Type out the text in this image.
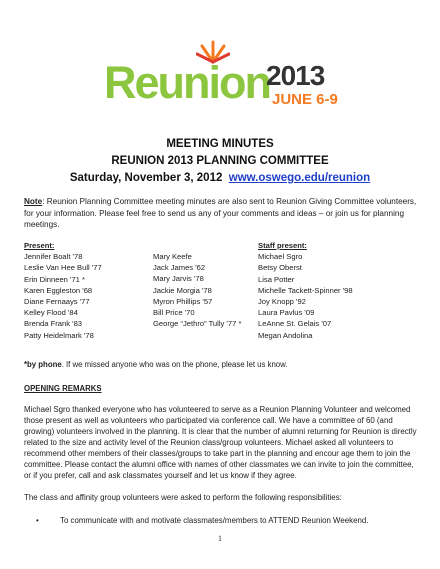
Reunion
2013
JUNE 6-9
MEETING MINUTES
REUNION 2013 PLANNING COMMITTEE
Saturday, November 3, 2012 www.oswego.edu/reunion
Note: Reunion Planning Committee meeting minutes are also sent to Reunion Giving Committee volunteers, for your information. Please feel free to send us any of your comments and ideas – or join us for planning meetings.
Present:
Jennifer Boalt '78
Leslie Van Hee Bull '77
Erin Dinneen '71 *
Karen Eggleston '68
Diane Fernaays '77
Kelley Flood '84
Brenda Frank '83
Patty Heidelmark '78
Mary Keefe
Jack James '62
Mary Jarvis '78
Jackie Morgia '78
Myron Phillips '57
Bill Price '70
George “Jethro” Tully '77 *
Staff present:
Michael Sgro
Betsy Oberst
Lisa Potter
Michelle Tackett-Spinner '98
Joy Knopp '92
Laura Pavlus '09
LeAnne St. Gelais '07
Megan Andolina
*by phone. If we missed anyone who was on the phone, please let us know.
OPENING REMARKS
Michael Sgro thanked everyone who has volunteered to serve as a Reunion Planning Volunteer and welcomed those present as well as volunteers who participated via conference call. We have a committee of 60 (and growing) volunteers involved in the planning. It is clear that the number of alumni returning for Reunion is directly related to the size and activity level of the Reunion class/group volunteers. Michael asked all volunteers to recommend other members of their classes/groups to take part in the planning and encour age them to join the committee. Please contact the alumni office with names of other classmates we can invite to join the committee, or if you prefer, call and ask classmates yourself and let us know if they agree.
The class and affinity group volunteers were asked to perform the following responsibilities:
•	To communicate with and motivate classmates/members to ATTEND Reunion Weekend.
1
